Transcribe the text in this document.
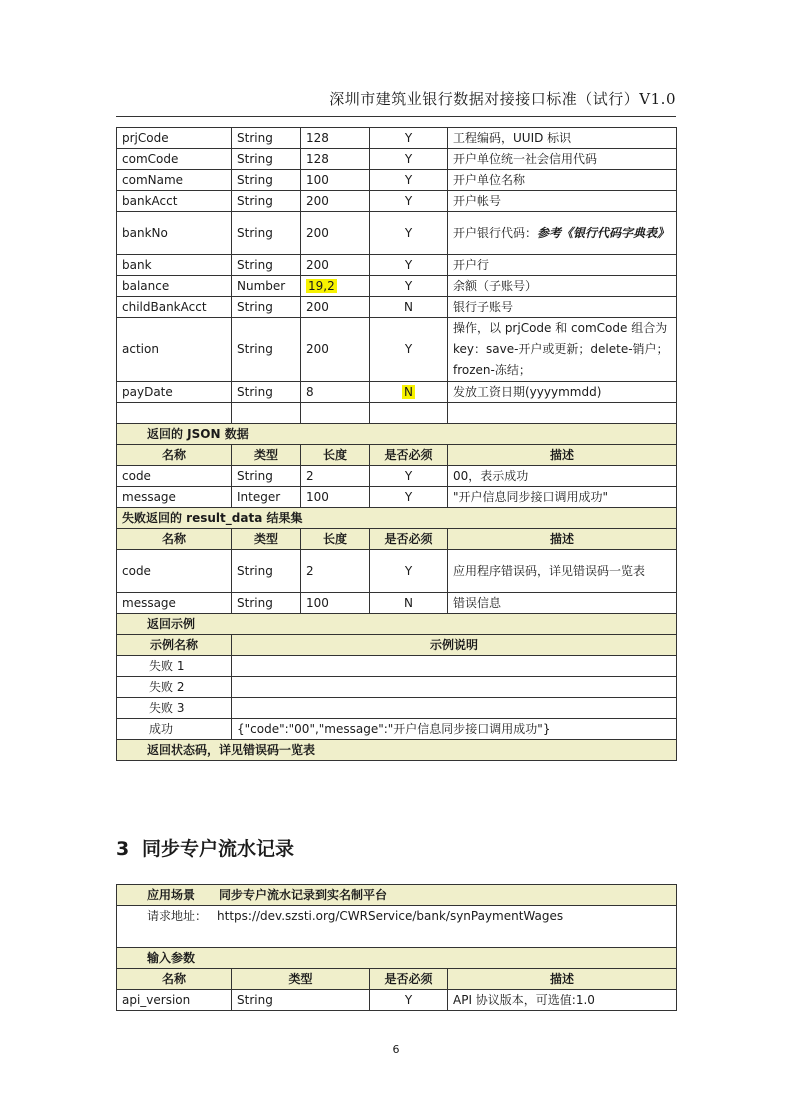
深圳市建筑业银行数据对接接口标准（试行）V1.0
prjCode	String	128	Y	工程编码，UUID 标识
comCode	String	128	Y	开户单位统一社会信用代码
comName	String	100	Y	开户单位名称
bankAcct	String	200	Y	开户帐号
bankNo	String	200	Y	开户银行代码：参考《银行代码字典表》
bank	String	200	Y	开户行
balance	Number	19,2	Y	余额（子账号）
childBankAcct	String	200	N	银行子账号
action	String	200	Y	操作，以 prjCode 和 comCode 组合为 key：save-开户或更新；delete-销户；frozen-冻结；
payDate	String	8	N	发放工资日期(yyyymmdd)

返回的 JSON 数据				
名称	类型	长度	是否必须	描述
code	String	2	Y	00，表示成功
message	Integer	100	Y	"开户信息同步接口调用成功"
失败返回的 result_data 结果集				
名称	类型	长度	是否必须	描述
code	String	2	Y	应用程序错误码，详见错误码一览表
message	String	100	N	错误信息
返回示例				
示例名称	示例说明			
失败 1				
失败 2				
失败 3				
成功	{"code":"00","message":"开户信息同步接口调用成功"}			
返回状态码，详见错误码一览表				
3 同步专户流水记录
应用场景 同步专户流水记录到实名制平台			
请求地址： https://dev.szsti.org/CWRService/bank/synPaymentWages			
输入参数			
名称	类型	是否必须	描述
api_version	String	Y	API 协议版本，可选值:1.0
6
